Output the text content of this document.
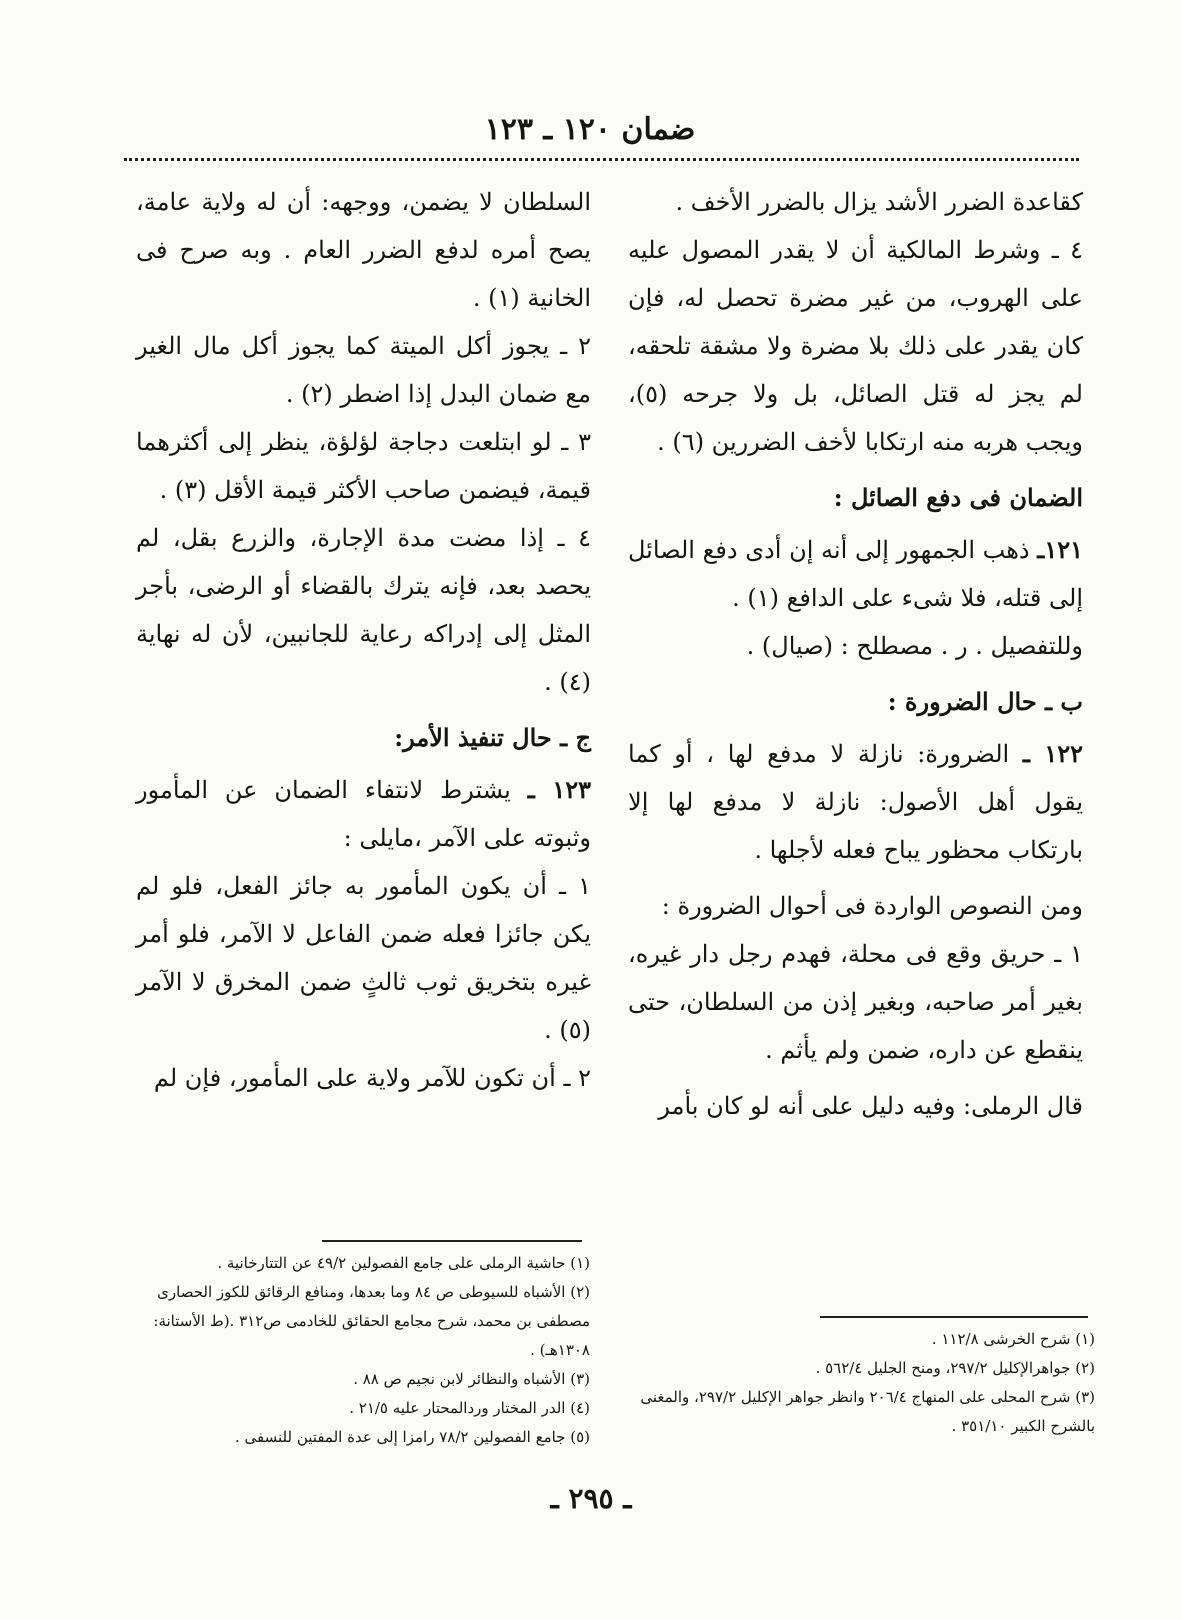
ضمان ١٢٠ ـ ١٢٣

كقاعدة الضرر الأشد يزال بالضرر الأخف .

٤ ـ وشرط المالكية أن لا يقدر المصول عليه على الهروب، من غير مضرة تحصل له، فإن كان يقدر على ذلك بلا مضرة ولا مشقة تلحقه، لم يجز له قتل الصائل، بل ولا جرحه (٥)، ويجب هربه منه ارتكابا لأخف الضررين (٦) .

الضمان فى دفع الصائل :

١٢١ـ ذهب الجمهور إلى أنه إن أدى دفع الصائل إلى قتله، فلا شىء على الدافع (١) .

وللتفصيل . ر . مصطلح : (صيال) .

ب ـ حال الضرورة :

١٢٢ ـ الضرورة: نازلة لا مدفع لها ، أو كما يقول أهل الأصول: نازلة لا مدفع لها إلا بارتكاب محظور يباح فعله لأجلها .

ومن النصوص الواردة فى أحوال الضرورة :

١ ـ حريق وقع فى محلة، فهدم رجل دار غيره، بغير أمر صاحبه، وبغير إذن من السلطان، حتى ينقطع عن داره، ضمن ولم يأثم .

قال الرملى: وفيه دليل على أنه لو كان بأمر

السلطان لا يضمن، ووجهه: أن له ولاية عامة، يصح أمره لدفع الضرر العام . وبه صرح فى الخانية (١) .

٢ ـ يجوز أكل الميتة كما يجوز أكل مال الغير مع ضمان البدل إذا اضطر (٢) .

٣ ـ لو ابتلعت دجاجة لؤلؤة، ينظر إلى أكثرهما قيمة، فيضمن صاحب الأكثر قيمة الأقل (٣) .

٤ ـ إذا مضت مدة الإجارة، والزرع بقل، لم يحصد بعد، فإنه يترك بالقضاء أو الرضى، بأجر المثل إلى إدراكه رعاية للجانبين، لأن له نهاية (٤) .

ج ـ حال تنفيذ الأمر:

١٢٣ ـ يشترط لانتفاء الضمان عن المأمور وثبوته على الآمر ،مايلى :

١ ـ أن يكون المأمور به جائز الفعل، فلو لم يكن جائزا فعله ضمن الفاعل لا الآمر، فلو أمر غيره بتخريق ثوب ثالثٍ ضمن المخرق لا الآمر (٥) .

٢ ـ أن تكون للآمر ولاية على المأمور، فإن لم

(١) شرح الخرشى ١١٢/٨ .

(٢) جواهرالإكليل ٢٩٧/٢، ومنح الجليل ٥٦٢/٤ .

(٣) شرح المحلى على المنهاج ٢٠٦/٤ وانظر جواهر الإكليل ٢٩٧/٢، والمغنى بالشرح الكبير ٣٥١/١٠ .

(١) حاشية الرملى على جامع الفصولين ٤٩/٢ عن التتارخانية .

(٢) الأشباه للسيوطى ص ٨٤ وما بعدها، ومنافع الرقائق للكوز الحصارى مصطفى بن محمد، شرح مجامع الحقائق للخادمى ص٣١٢ .(ط الأستانة: ١٣٠٨هـ) .

(٣) الأشباه والنظائر لابن نجيم ص ٨٨ .

(٤) الدر المختار وردالمحتار عليه ٢١/٥ .

(٥) جامع الفصولين ٧٨/٢ رامزا إلى عدة المفتين للنسفى .

ـ ٢٩٥ ـ
